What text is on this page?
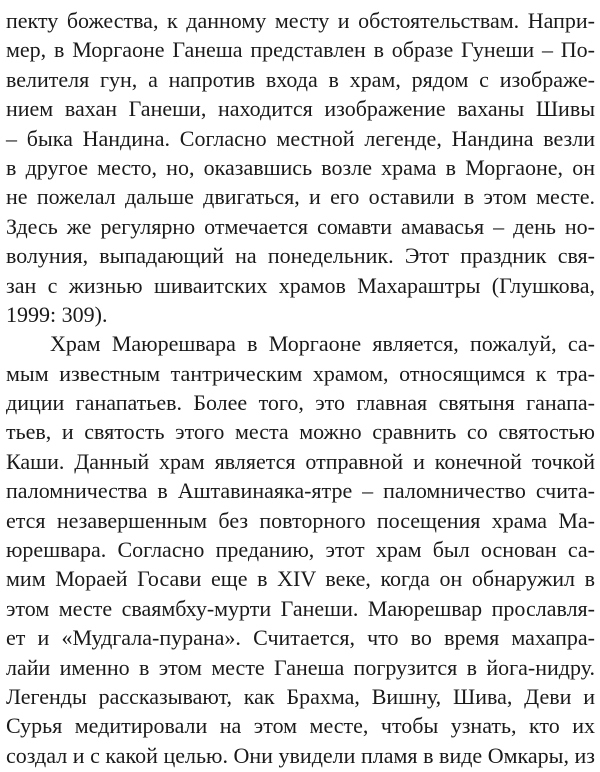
пекту божества, к данному месту и обстоятельствам. Напри-
мер, в Моргаоне Ганеша представлен в образе Гунеши – По-
велителя гун, а напротив входа в храм, рядом с изображе-
нием вахан Ганеши, находится изображение ваханы Шивы
– быка Нандина. Согласно местной легенде, Нандина везли
в другое место, но, оказавшись возле храма в Моргаоне, он
не пожелал дальше двигаться, и его оставили в этом месте.
Здесь же регулярно отмечается сомавти амавасья – день но-
волуния, выпадающий на понедельник. Этот праздник свя-
зан с жизнью шиваитских храмов Махараштры (Глушкова,
1999: 309).
Храм Маюрешвара в Моргаоне является, пожалуй, са-
мым известным тантрическим храмом, относящимся к тра-
диции ганапатьев. Более того, это главная святыня ганапа-
тьев, и святость этого места можно сравнить со святостью
Каши. Данный храм является отправной и конечной точкой
паломничества в Аштавинаяка-ятре – паломничество счита-
ется незавершенным без повторного посещения храма Ма-
юрешвара. Согласно преданию, этот храм был основан са-
мим Мораей Госави еще в XIV веке, когда он обнаружил в
этом месте сваямбху-мурти Ганеши. Маюрешвар прославля-
ет и «Мудгала-пурана». Считается, что во время махапра-
лайи именно в этом месте Ганеша погрузится в йога-нидру.
Легенды рассказывают, как Брахма, Вишну, Шива, Деви и
Сурья медитировали на этом месте, чтобы узнать, кто их
создал и с какой целью. Они увидели пламя в виде Омкары, из
